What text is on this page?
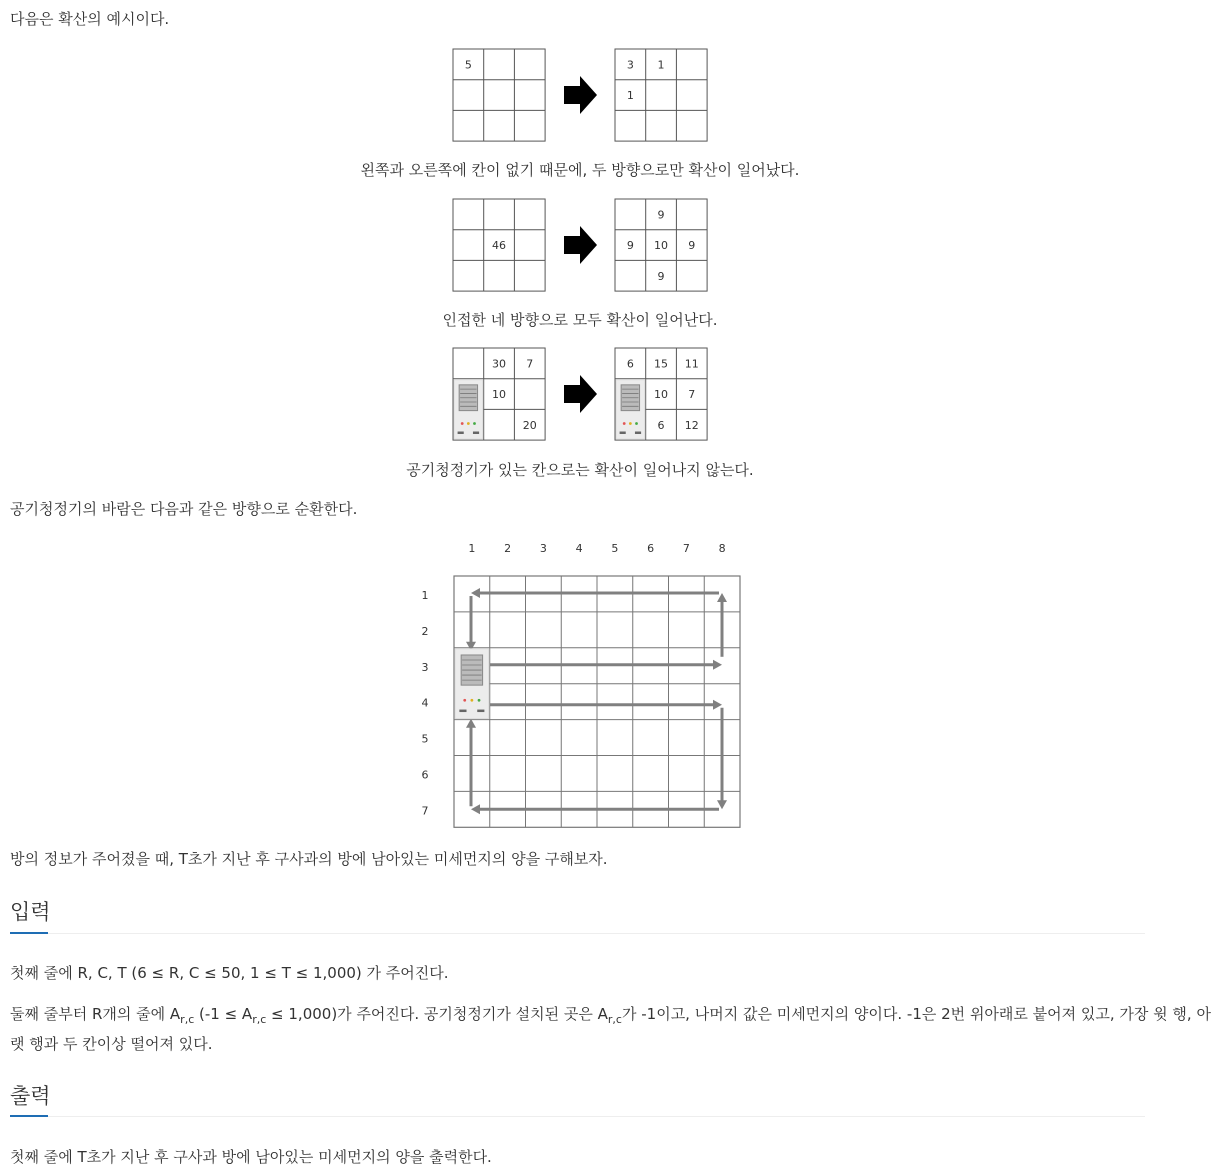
다음은 확산의 예시이다.
5	3 1
1
왼쪽과 오른쪽에 칸이 없기 때문에, 두 방향으로만 확산이 일어났다.
46
9
9 10 9
9
인접한 네 방향으로 모두 확산이 일어난다.
30 7
10
20
6 15 11
10 7
6 12
공기청정기가 있는 칸으로는 확산이 일어나지 않는다.
공기청정기의 바람은 다음과 같은 방향으로 순환한다.
1	2	3	4	5	6	7	8
1
2
3
4
5
6
7
방의 정보가 주어졌을 때, T초가 지난 후 구사과의 방에 남아있는 미세먼지의 양을 구해보자.
입력
첫째 줄에 R, C, T (6 ≤ R, C ≤ 50, 1 ≤ T ≤ 1,000) 가 주어진다.
둘째 줄부터 R개의 줄에 $A_{r,c}$ $(-1 \le A_{r,c} \le 1,000)$가 주어진다. 공기청정기가 설치된 곳은 $A_{r,c}$가 -1이고, 나머지 값은 미세먼지의 양이다. -1은 2번 위아래로 붙어져 있고, 가장 윗 행, 아
랫 행과 두 칸이상 떨어져 있다.
출력
첫째 줄에 T초가 지난 후 구사과 방에 남아있는 미세먼지의 양을 출력한다.
